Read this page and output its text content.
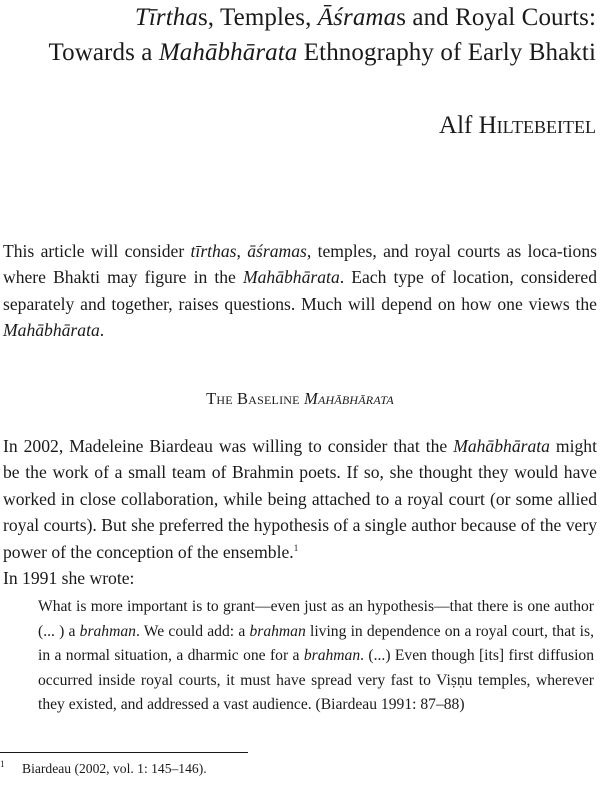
Tīrthas, Temples, Āśramas and Royal Courts:
Towards a Mahābhārata Ethnography of Early Bhakti

Alf Hiltebeitel

This article will consider tīrthas, āśramas, temples, and royal courts as loca-tions where Bhakti may figure in the Mahābhārata. Each type of location, considered separately and together, raises questions. Much will depend on how one views the Mahābhārata.

The Baseline Mahābhārata

In 2002, Madeleine Biardeau was willing to consider that the Mahābhārata might be the work of a small team of Brahmin poets. If so, she thought they would have worked in close collaboration, while being attached to a royal court (or some allied royal courts). But she preferred the hypothesis of a single author because of the very power of the conception of the ensemble.$^1$
In 1991 she wrote:

What is more important is to grant—even just as an hypothesis—that there is one author (... ) a brahman. We could add: a brahman living in dependence on a royal court, that is, in a normal situation, a dharmic one for a brahman. (...) Even though [its] first diffusion occurred inside royal courts, it must have spread very fast to Viṣṇu temples, wherever they existed, and addressed a vast audience. (Biardeau 1991: 87–88)

$^1$ Biardeau (2002, vol. 1: 145–146).
